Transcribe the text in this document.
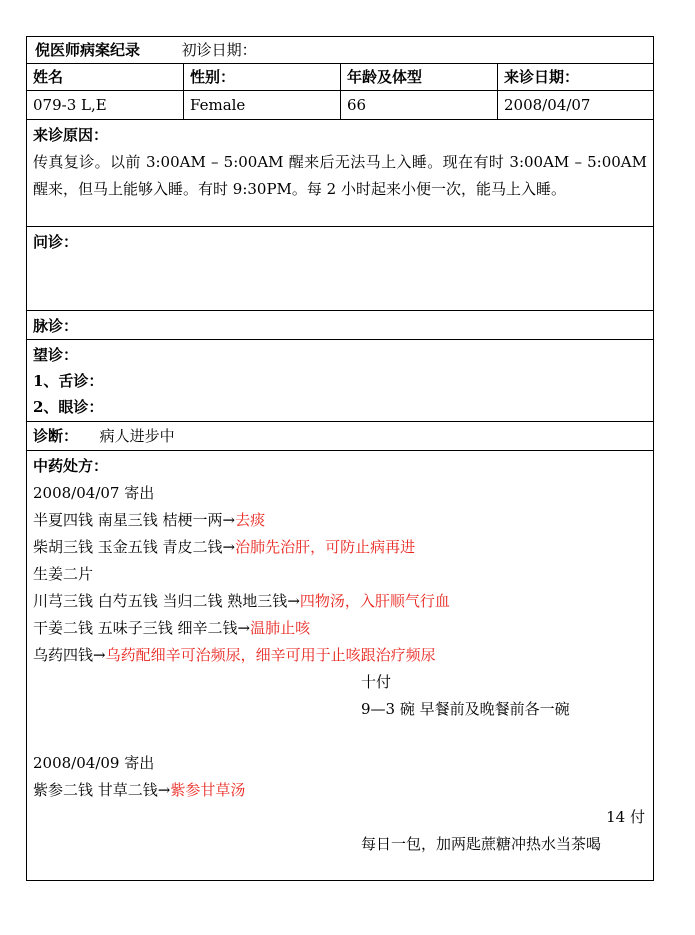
倪医师病案纪录	初诊日期：
姓名	性别：	年龄及体型	来诊日期：
079-3 L,E	Female	66	2008/04/07
来诊原因：
传真复诊。以前 3:00AM – 5:00AM 醒来后无法马上入睡。现在有时 3:00AM – 5:00AM 醒来，但马上能够入睡。有时 9:30PM。每 2 小时起来小便一次，能马上入睡。
问诊：
脉诊：
望诊：
1、舌诊：
2、眼诊：
诊断： 病人进步中
中药处方：
2008/04/07 寄出
半夏四钱 南星三钱 桔梗一两→去痰
柴胡三钱 玉金五钱 青皮二钱→治肺先治肝，可防止病再进
生姜二片
川芎三钱 白芍五钱 当归二钱 熟地三钱→四物汤，入肝顺气行血
干姜二钱 五味子三钱 细辛二钱→温肺止咳
乌药四钱→乌药配细辛可治频尿，细辛可用于止咳跟治疗频尿
十付
9—3 碗 早餐前及晚餐前各一碗
2008/04/09 寄出
紫参二钱 甘草二钱→紫参甘草汤
14 付
每日一包，加两匙蔗糖冲热水当茶喝
